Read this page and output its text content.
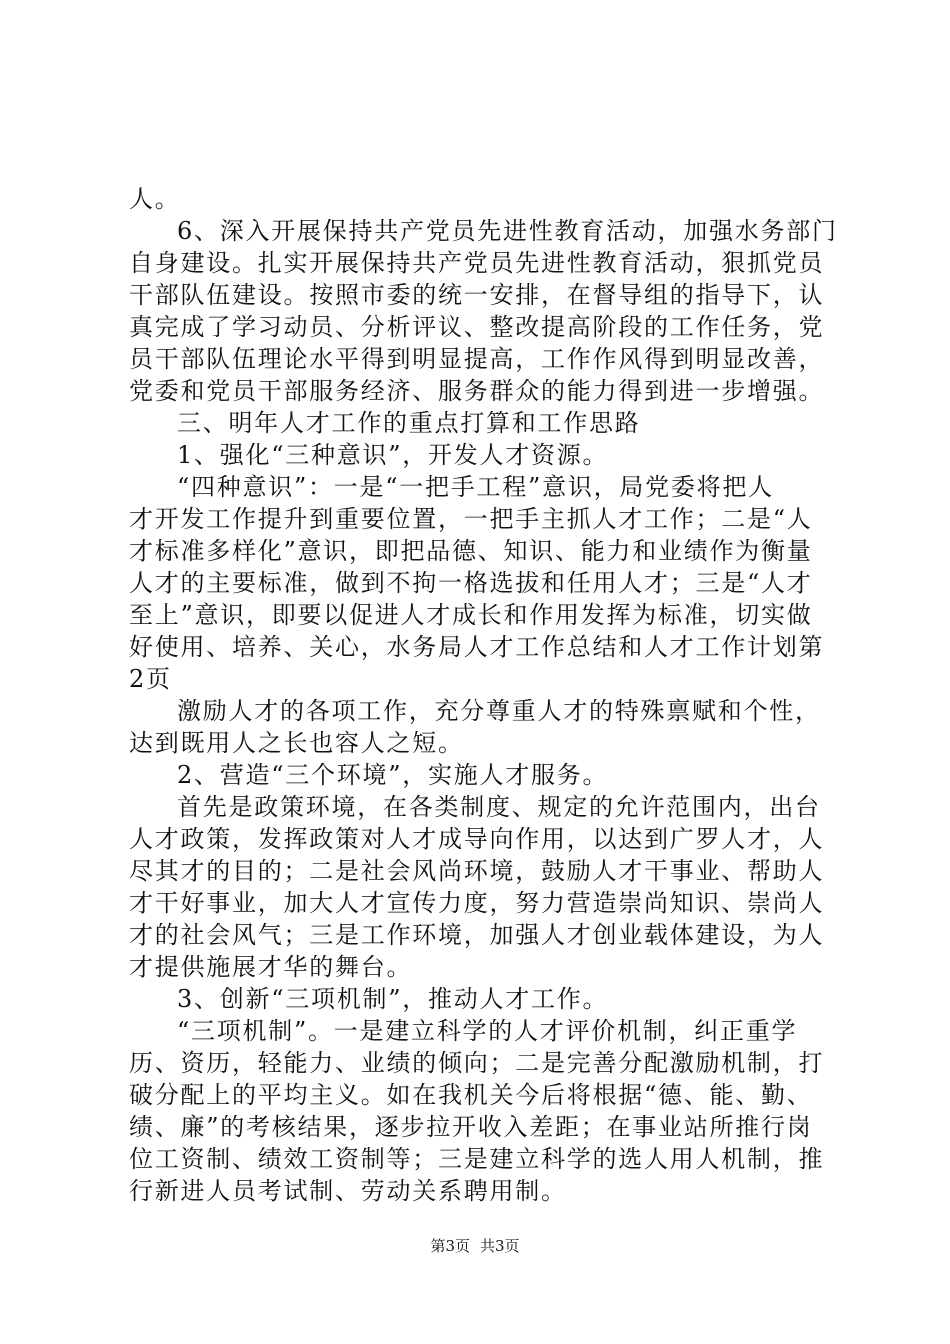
人。
6、深入开展保持共产党员先进性教育活动，加强水务部门
自身建设。扎实开展保持共产党员先进性教育活动，狠抓党员
干部队伍建设。按照市委的统一安排，在督导组的指导下，认
真完成了学习动员、分析评议、整改提高阶段的工作任务，党
员干部队伍理论水平得到明显提高，工作作风得到明显改善，
党委和党员干部服务经济、服务群众的能力得到进一步增强。
三、明年人才工作的重点打算和工作思路
1、强化“三种意识”，开发人才资源。
“四种意识”：一是“一把手工程”意识，局党委将把人
才开发工作提升到重要位置，一把手主抓人才工作；二是“人
才标准多样化”意识，即把品德、知识、能力和业绩作为衡量
人才的主要标准，做到不拘一格选拔和任用人才；三是“人才
至上”意识，即要以促进人才成长和作用发挥为标准，切实做
好使用、培养、关心，水务局人才工作总结和人才工作计划第
2页
激励人才的各项工作，充分尊重人才的特殊禀赋和个性，
达到既用人之长也容人之短。
2、营造“三个环境”，实施人才服务。
首先是政策环境，在各类制度、规定的允许范围内，出台
人才政策，发挥政策对人才成导向作用，以达到广罗人才，人
尽其才的目的；二是社会风尚环境，鼓励人才干事业、帮助人
才干好事业，加大人才宣传力度，努力营造崇尚知识、崇尚人
才的社会风气；三是工作环境，加强人才创业载体建设，为人
才提供施展才华的舞台。
3、创新“三项机制”，推动人才工作。
“三项机制”。一是建立科学的人才评价机制，纠正重学
历、资历，轻能力、业绩的倾向；二是完善分配激励机制，打
破分配上的平均主义。如在我机关今后将根据“德、能、勤、
绩、廉”的考核结果，逐步拉开收入差距；在事业站所推行岗
位工资制、绩效工资制等；三是建立科学的选人用人机制，推
行新进人员考试制、劳动关系聘用制。
第3页 共3页
